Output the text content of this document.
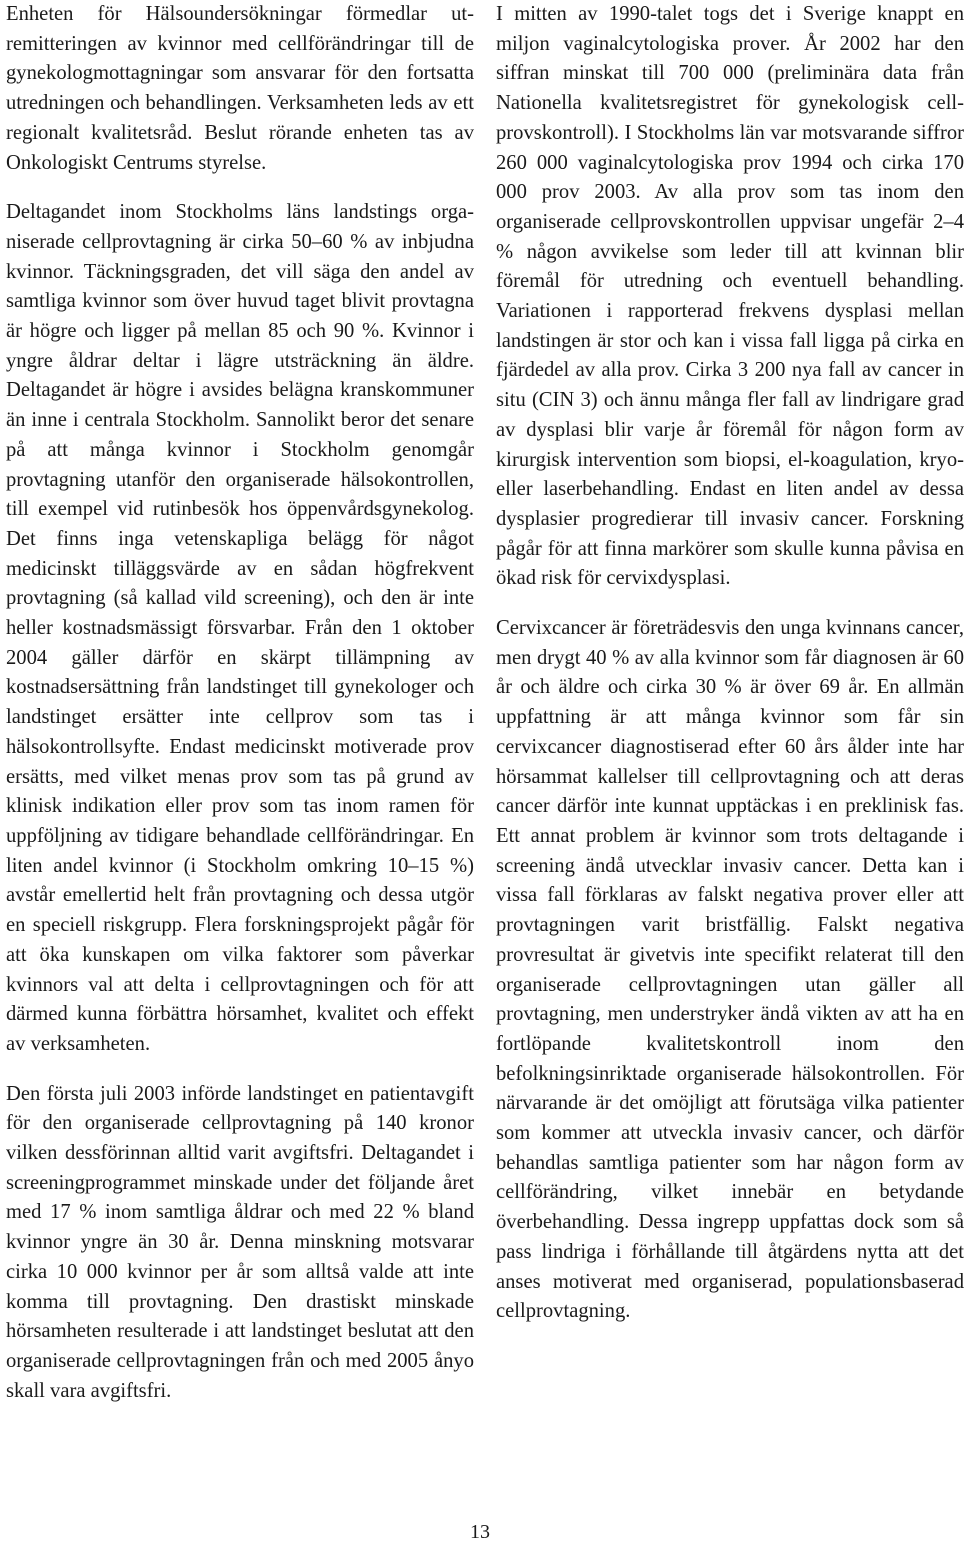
Enheten för Hälsoundersökningar förmedlar utremitteringen av kvinnor med cellförändringar till de gynekologmottagningar som ansvarar för den fortsatta utredningen och behandlingen. Verksamheten leds av ett regionalt kvalitetsråd. Beslut rörande enheten tas av Onkologiskt Centrums styrelse.

Deltagandet inom Stockholms läns landstings organiserade cellprovtagning är cirka 50–60 % av inbjudna kvinnor. Täckningsgraden, det vill säga den andel av samtliga kvinnor som över huvud taget blivit provtagna är högre och ligger på mellan 85 och 90 %. Kvinnor i yngre åldrar deltar i lägre utsträckning än äldre. Deltagandet är högre i avsides belägna kranskommuner än inne i centrala Stockholm. Sannolikt beror det senare på att många kvinnor i Stockholm genomgår provtagning utanför den organiserade hälsokontrollen, till exempel vid rutinbesök hos öppenvårdsgynekolog. Det finns inga vetenskapliga belägg för något medicinskt tilläggsvärde av en sådan högfrekvent provtagning (så kallad vild screening), och den är inte heller kostnadsmässigt försvarbar. Från den 1 oktober 2004 gäller därför en skärpt tillämpning av kostnadsersättning från landstinget till gynekologer och landstinget ersätter inte cellprov som tas i hälsokontrollsyfte. Endast medicinskt motiverade prov ersätts, med vilket menas prov som tas på grund av klinisk indikation eller prov som tas inom ramen för uppföljning av tidigare behandlade cellförändringar. En liten andel kvinnor (i Stockholm omkring 10–15 %) avstår emellertid helt från provtagning och dessa utgör en speciell riskgrupp. Flera forskningsprojekt pågår för att öka kunskapen om vilka faktorer som påverkar kvinnors val att delta i cellprovtagningen och för att därmed kunna förbättra hörsamhet, kvalitet och effekt av verksamheten.

Den första juli 2003 införde landstinget en patientavgift för den organiserade cellprovtagning på 140 kronor vilken dessförinnan alltid varit avgiftsfri. Deltagandet i screeningprogrammet minskade under det följande året med 17 % inom samtliga åldrar och med 22 % bland kvinnor yngre än 30 år. Denna minskning motsvarar cirka 10 000 kvinnor per år som alltså valde att inte komma till provtagning. Den drastiskt minskade hörsamheten resulterade i att landstinget beslutat att den organiserade cellprovtagningen från och med 2005 ånyo skall vara avgiftsfri.

I mitten av 1990-talet togs det i Sverige knappt en miljon vaginalcytologiska prover. År 2002 har den siffran minskat till 700 000 (preliminära data från Nationella kvalitetsregistret för gynekologisk cellprovskontroll). I Stockholms län var motsvarande siffror 260 000 vaginalcytologiska prov 1994 och cirka 170 000 prov 2003. Av alla prov som tas inom den organiserade cellprovskontrollen uppvisar ungefär 2–4 % någon avvikelse som leder till att kvinnan blir föremål för utredning och eventuell behandling. Variationen i rapporterad frekvens dysplasi mellan landstingen är stor och kan i vissa fall ligga på cirka en fjärdedel av alla prov. Cirka 3 200 nya fall av cancer in situ (CIN 3) och ännu många fler fall av lindrigare grad av dysplasi blir varje år föremål för någon form av kirurgisk intervention som biopsi, el-koagulation, kryo- eller laserbehandling. Endast en liten andel av dessa dysplasier progredierar till invasiv cancer. Forskning pågår för att finna markörer som skulle kunna påvisa en ökad risk för cervixdysplasi.

Cervixcancer är företrädesvis den unga kvinnans cancer, men drygt 40 % av alla kvinnor som får diagnosen är 60 år och äldre och cirka 30 % är över 69 år. En allmän uppfattning är att många kvinnor som får sin cervixcancer diagnostiserad efter 60 års ålder inte har hörsammat kallelser till cellprovtagning och att deras cancer därför inte kunnat upptäckas i en preklinisk fas. Ett annat problem är kvinnor som trots deltagande i screening ändå utvecklar invasiv cancer. Detta kan i vissa fall förklaras av falskt negativa prover eller att provtagningen varit bristfällig. Falskt negativa provresultat är givetvis inte specifikt relaterat till den organiserade cellprovtagningen utan gäller all provtagning, men understryker ändå vikten av att ha en fortlöpande kvalitetskontroll inom den befolkningsinriktade organiserade hälsokontrollen. För närvarande är det omöjligt att förutsäga vilka patienter som kommer att utveckla invasiv cancer, och därför behandlas samtliga patienter som har någon form av cellförändring, vilket innebär en betydande överbehandling. Dessa ingrepp uppfattas dock som så pass lindriga i förhållande till åtgärdens nytta att det anses motiverat med organiserad, populationsbaserad cellprovtagning.

13
